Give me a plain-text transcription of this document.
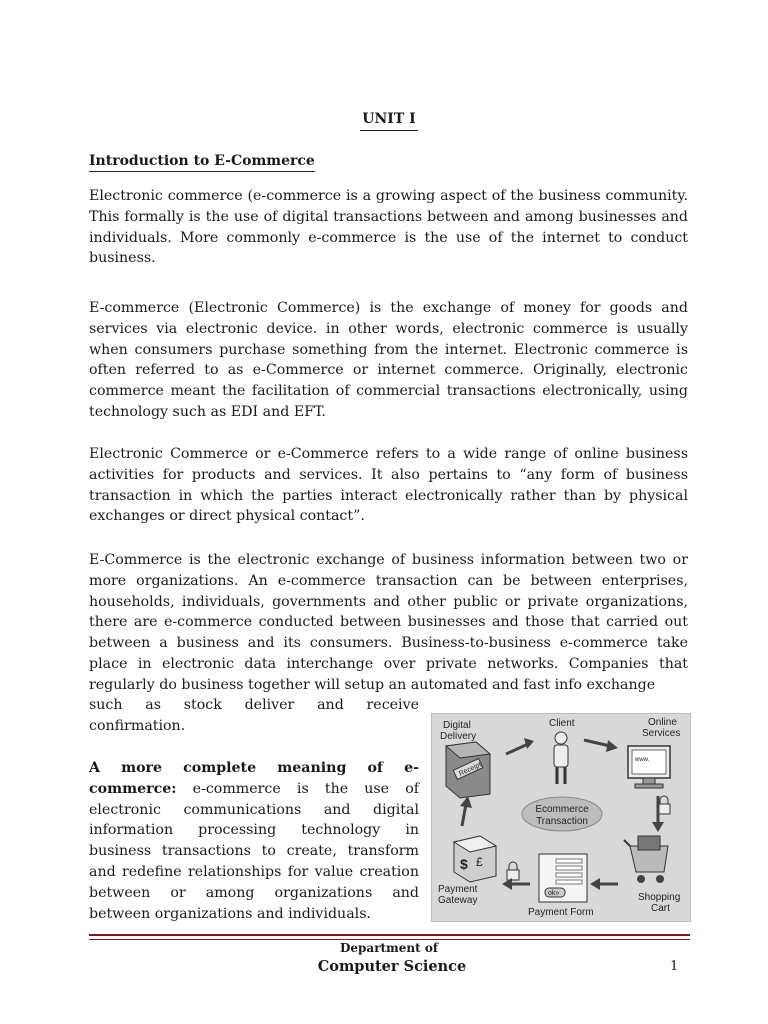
UNIT I
Introduction to E-Commerce

Electronic commerce (e-commerce is a growing aspect of the business community. This formally is the use of digital transactions between and among businesses and individuals. More commonly e-commerce is the use of the internet to conduct business.

E-commerce (Electronic Commerce) is the exchange of money for goods and services via electronic device. in other words, electronic commerce is usually when consumers purchase something from the internet. Electronic commerce is often referred to as e-Commerce or internet commerce. Originally, electronic commerce meant the facilitation of commercial transactions electronically, using technology such as EDI and EFT.

Electronic Commerce or e-Commerce refers to a wide range of online business activities for products and services. It also pertains to “any form of business transaction in which the parties interact electronically rather than by physical exchanges or direct physical contact”.

E-Commerce is the electronic exchange of business information between two or more organizations. An e-commerce transaction can be between enterprises, households, individuals, governments and other public or private organizations, there are e-commerce conducted between businesses and those that carried out between a business and its consumers. Business-to-business e-commerce take place in electronic data interchange over private networks. Companies that regularly do business together will setup an automated and fast info exchange

such as stock deliver and receive

confirmation.

A more complete meaning of e-commerce: e-commerce is the use of electronic communications and digital information processing technology in business transactions to create, transform and redefine relationships for value creation between or among organizations and between organizations and individuals.

Digital
Delivery
Client	Online
Services
Payment
Gateway
Payment Form
Shopping
Cart
Ecommerce
Transaction
Receipt
www.
$ £
ok»
Department of
Computer Science	1
